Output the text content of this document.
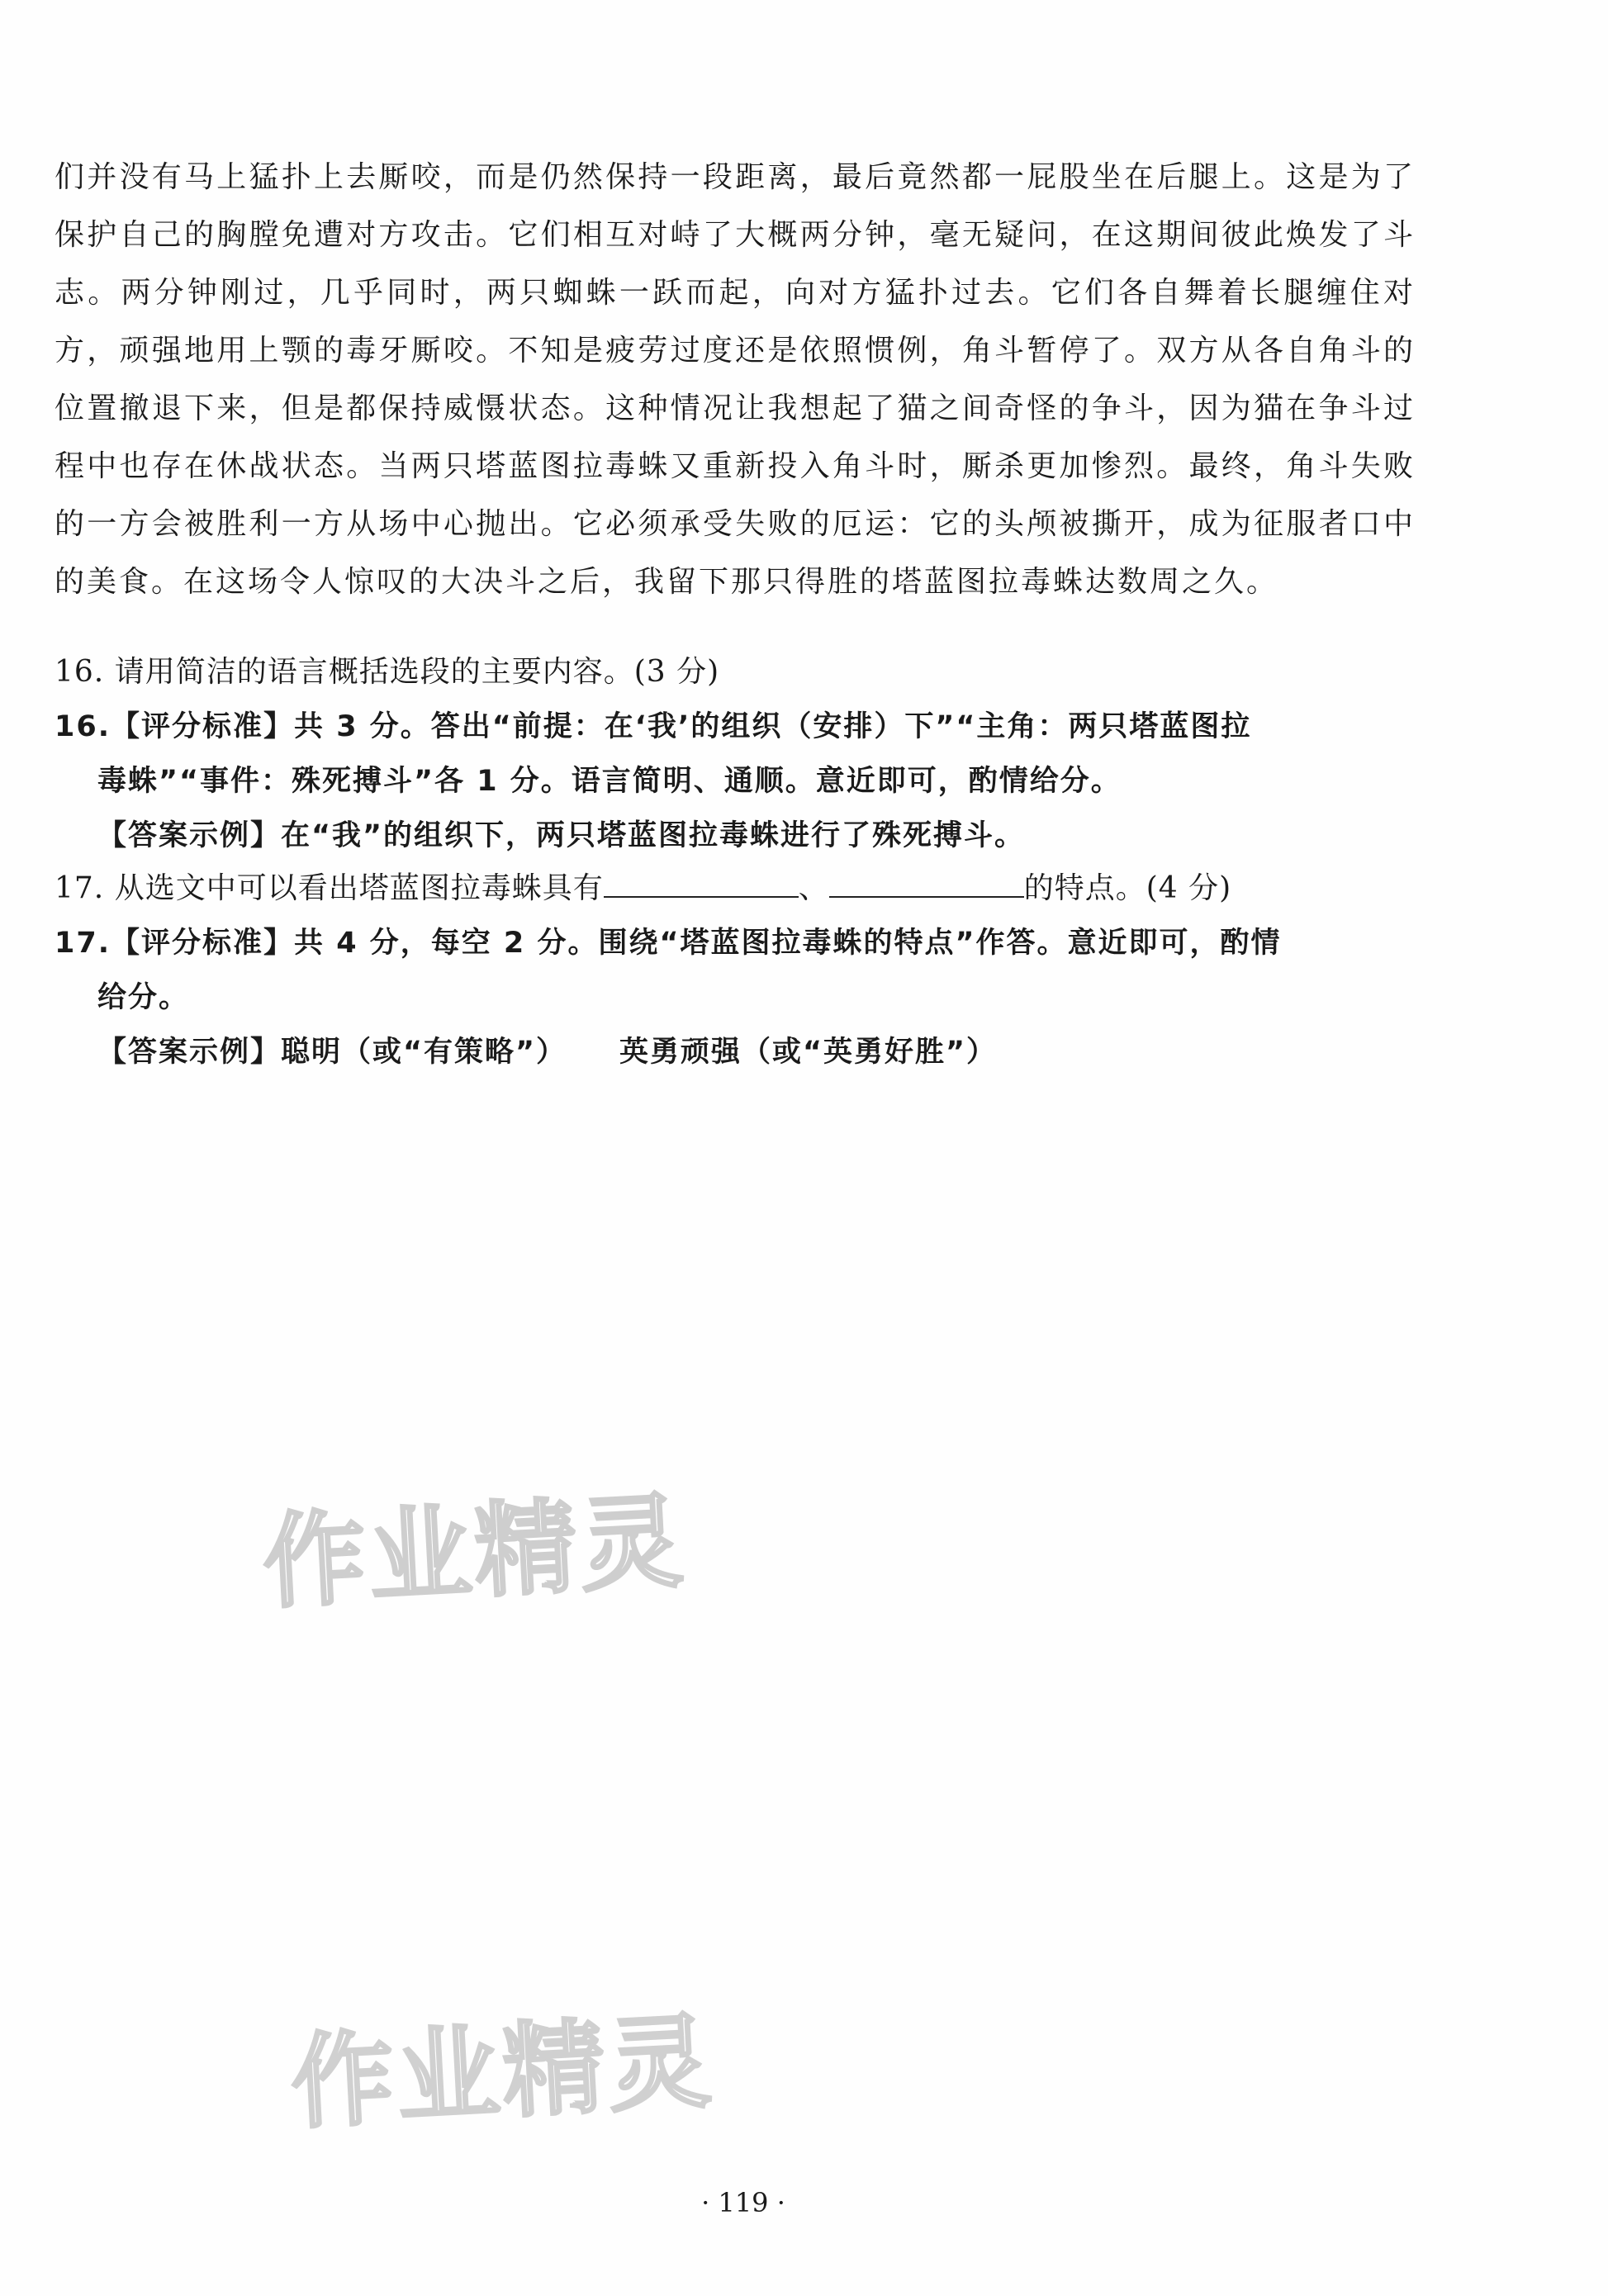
们并没有马上猛扑上去厮咬，而是仍然保持一段距离，最后竟然都一屁股坐在后腿上。这是为了保护自己的胸膛免遭对方攻击。它们相互对峙了大概两分钟，毫无疑问，在这期间彼此焕发了斗志。两分钟刚过，几乎同时，两只蜘蛛一跃而起，向对方猛扑过去。它们各自舞着长腿缠住对方，顽强地用上颚的毒牙厮咬。不知是疲劳过度还是依照惯例，角斗暂停了。双方从各自角斗的位置撤退下来，但是都保持威慑状态。这种情况让我想起了猫之间奇怪的争斗，因为猫在争斗过程中也存在休战状态。当两只塔蓝图拉毒蛛又重新投入角斗时，厮杀更加惨烈。最终，角斗失败的一方会被胜利一方从场中心抛出。它必须承受失败的厄运：它的头颅被撕开，成为征服者口中的美食。在这场令人惊叹的大决斗之后，我留下那只得胜的塔蓝图拉毒蛛达数周之久。

16. 请用简洁的语言概括选段的主要内容。(3 分)
16.【评分标准】共 3 分。答出“前提：在‘我’的组织（安排）下”“主角：两只塔蓝图拉
毒蛛”“事件：殊死搏斗”各 1 分。语言简明、通顺。意近即可，酌情给分。
【答案示例】在“我”的组织下，两只塔蓝图拉毒蛛进行了殊死搏斗。
17. 从选文中可以看出塔蓝图拉毒蛛具有	、	的特点。(4 分)
17.【评分标准】共 4 分，每空 2 分。围绕“塔蓝图拉毒蛛的特点”作答。意近即可，酌情
给分。
【答案示例】聪明（或“有策略”） 英勇顽强（或“英勇好胜”）
作业精灵
作业精灵
· 119 ·
